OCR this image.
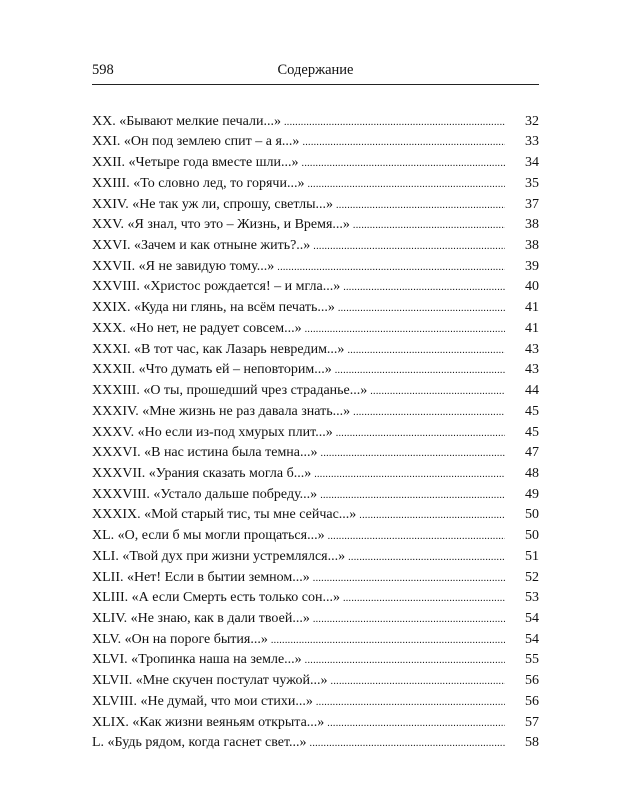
598	Содержание
XX. «Бывают мелкие печали...» .....	32
XXI. «Он под землею спит – а я...» .....	33
XXII. «Четыре года вместе шли...» .....	34
XXIII. «То словно лед, то горячи...» .....	35
XXIV. «Не так уж ли, спрошу, светлы...» .....	37
XXV. «Я знал, что это – Жизнь, и Время...» .....	38
XXVI. «Зачем и как отныне жить?..» .....	38
XXVII. «Я не завидую тому...» .....	39
XXVIII. «Христос рождается! – и мгла...» .....	40
XXIX. «Куда ни глянь, на всём печать...» .....	41
XXX. «Но нет, не радует совсем...» .....	41
XXXI. «В тот час, как Лазарь невредим...» .....	43
XXXII. «Что думать ей – неповторим...» .....	43
XXXIII. «О ты, прошедший чрез страданье...» .....	44
XXXIV. «Мне жизнь не раз давала знать...» .....	45
XXXV. «Но если из-под хмурых плит...» .....	45
XXXVI. «В нас истина была темна...» .....	47
XXXVII. «Урания сказать могла б...» .....	48
XXXVIII. «Устало дальше побреду...» .....	49
XXXIX. «Мой старый тис, ты мне сейчас...» .....	50
XL. «О, если б мы могли прощаться...» .....	50
XLI. «Твой дух при жизни устремлялся...» .....	51
XLII. «Нет! Если в бытии земном...» .....	52
XLIII. «А если Смерть есть только сон...» .....	53
XLIV. «Не знаю, как в дали твоей...» .....	54
XLV. «Он на пороге бытия...» .....	54
XLVI. «Тропинка наша на земле...» .....	55
XLVII. «Мне скучен постулат чужой...» .....	56
XLVIII. «Не думай, что мои стихи...» .....	56
XLIX. «Как жизни веяньям открыта...» .....	57
L. «Будь рядом, когда гаснет свет...» .....	58
